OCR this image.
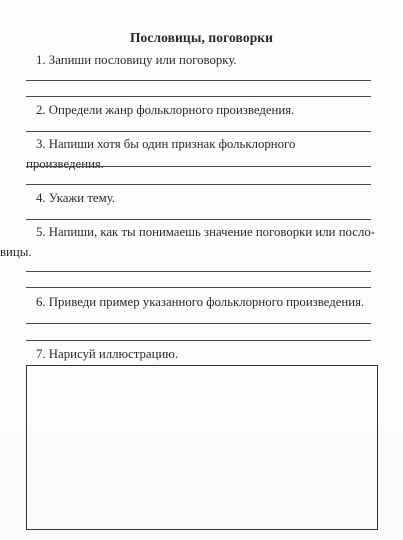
Пословицы, поговорки
1. Запиши пословицу или поговорку.
2. Определи жанр фольклорного произведения.
3. Напиши хотя бы один признак фольклорного произведения.
4. Укажи тему.
5. Напиши, как ты понимаешь значение поговорки или посло-
вицы.
6. Приведи пример указанного фольклорного произведения.
7. Нарисуй иллюстрацию.
